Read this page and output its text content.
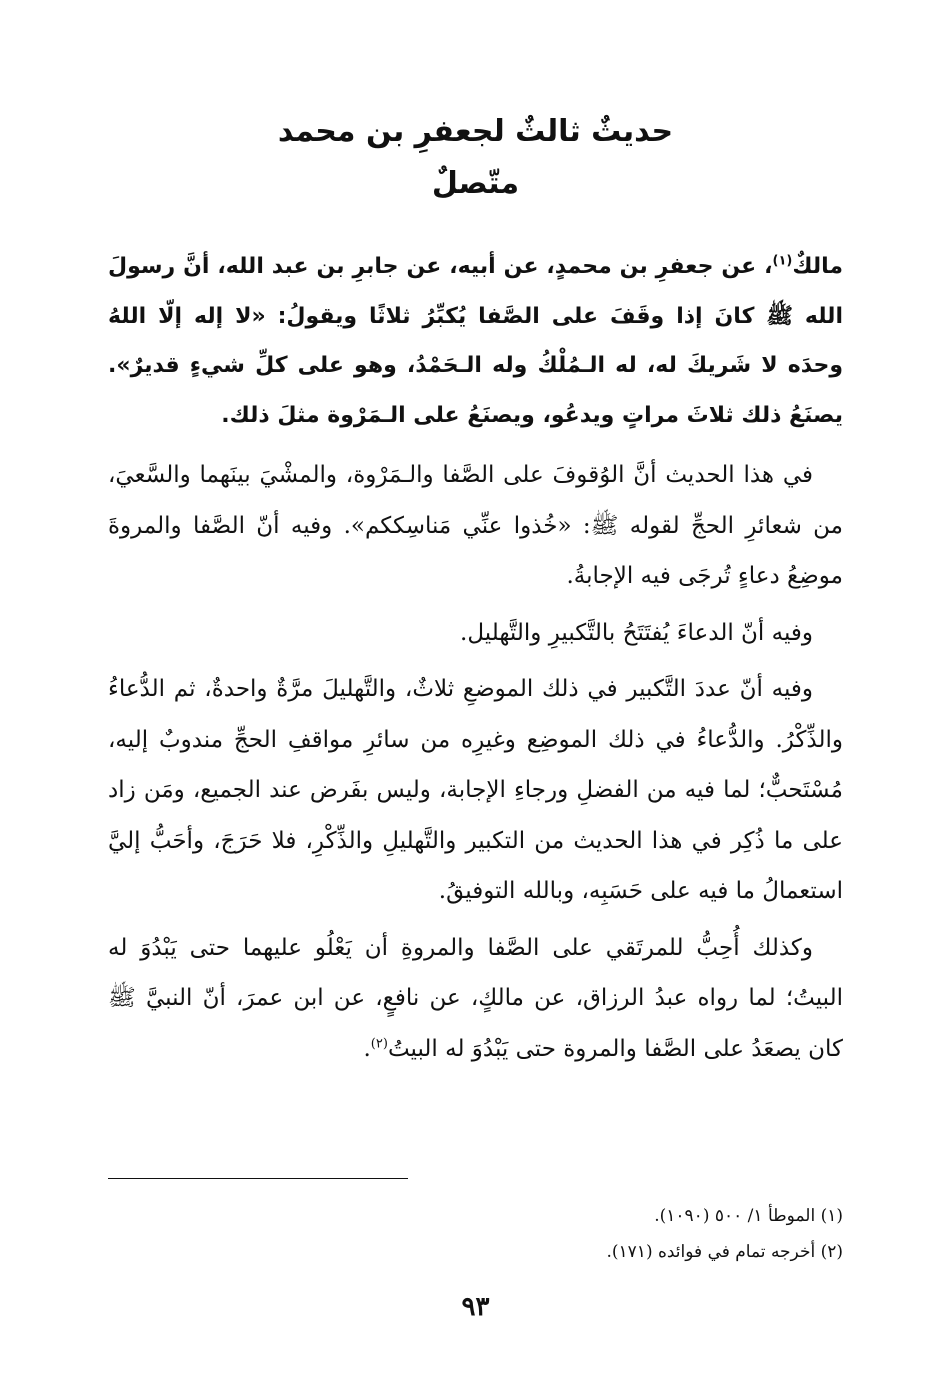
حديثٌ ثالثٌ لجعفرِ بن محمد
متّصلٌ

مالكٌ$^{(١)}$، عن جعفرِ بن محمدٍ، عن أبيه، عن جابرِ بن عبد الله، أنَّ رسولَ الله ﷺ كانَ إذا وقَفَ على الصَّفا يُكبِّرُ ثلاثًا ويقولُ: «لا إله إلّا اللهُ وحدَه لا شَريكَ له، له الـمُلْكُ وله الـحَمْدُ، وهو على كلِّ شيءٍ قديرٌ». يصنَعُ ذلك ثلاثَ مراتٍ ويدعُو، ويصنَعُ على الـمَرْوة مثلَ ذلك.

في هذا الحديث أنَّ الوُقوفَ على الصَّفا والـمَرْوة، والمشْيَ بينَهما والسَّعيَ، من شعائرِ الحجِّ لقوله ﷺ: «خُذوا عنِّي مَناسِككم». وفيه أنّ الصَّفا والمروةَ موضِعُ دعاءٍ تُرجَى فيه الإجابةُ.

وفيه أنّ الدعاءَ يُفتَتَحُ بالتَّكبيرِ والتَّهليل.

وفيه أنّ عددَ التَّكبير في ذلك الموضعِ ثلاثٌ، والتَّهليلَ مرَّةٌ واحدةٌ، ثم الدُّعاءُ والذِّكْرُ. والدُّعاءُ في ذلك الموضِع وغيرِه من سائرِ مواقفِ الحجِّ مندوبٌ إليه، مُسْتَحبٌّ؛ لما فيه من الفضلِ ورجاءِ الإجابة، وليس بفَرض عند الجميع، ومَن زاد على ما ذُكِر في هذا الحديث من التكبير والتَّهليلِ والذِّكْرِ، فلا حَرَجَ، وأحَبُّ إليَّ استعمالُ ما فيه على حَسَبِه، وبالله التوفيقُ.

وكذلك أُحِبُّ للمرتَقي على الصَّفا والمروةِ أن يَعْلُو عليهما حتى يَبْدُوَ له البيتُ؛ لما رواه عبدُ الرزاق، عن مالكٍ، عن نافعٍ، عن ابن عمرَ، أنّ النبيَّ ﷺ كان يصعَدُ على الصَّفا والمروة حتى يَبْدُوَ له البيتُ$^{(٢)}$.

(١) الموطأ ١/ ٥٠٠ (١٠٩٠).
(٢) أخرجه تمام في فوائده (١٧١).
٩٣
